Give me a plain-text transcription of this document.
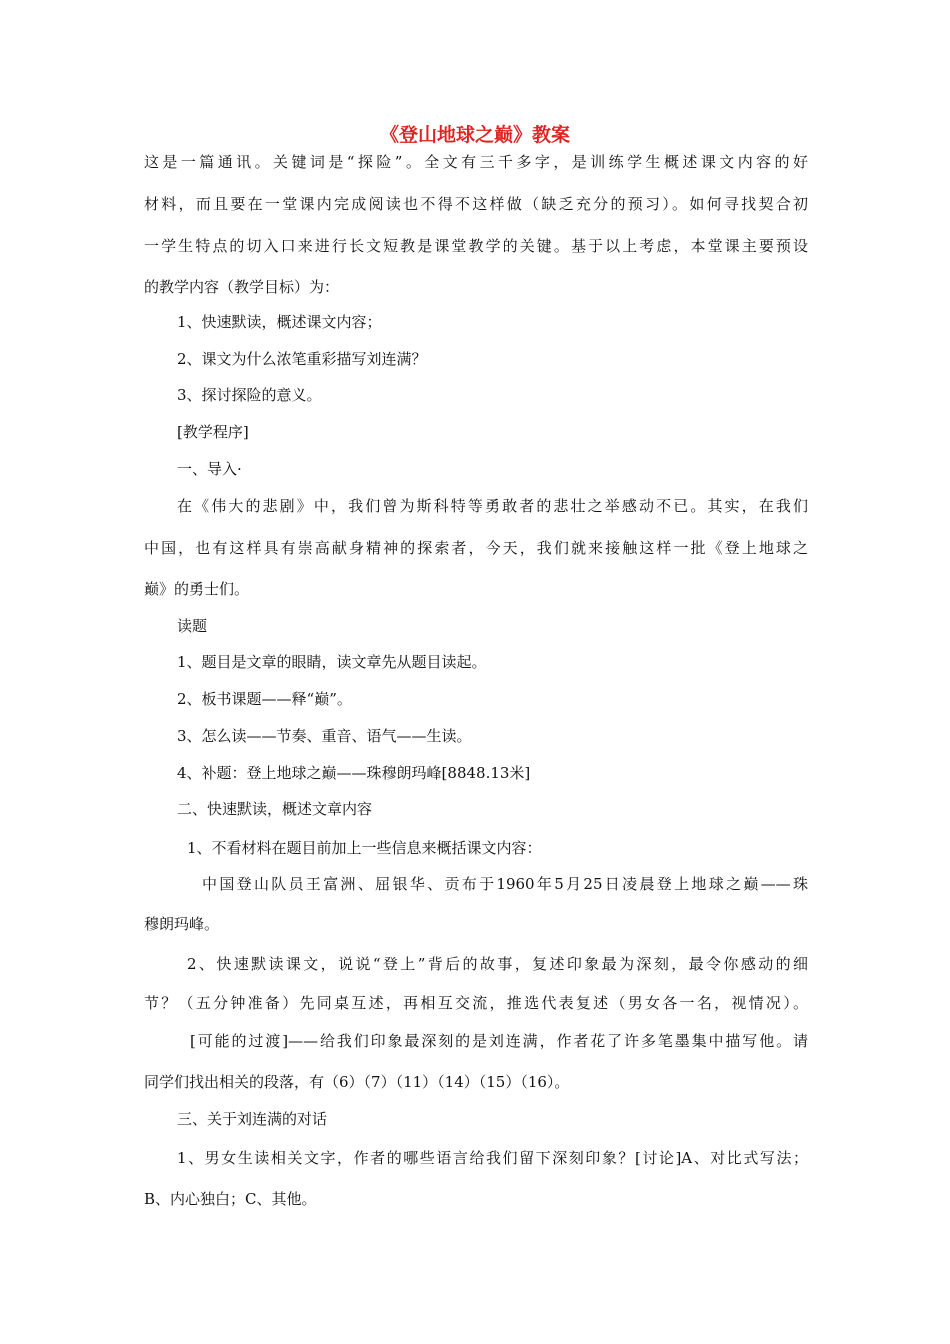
《登山地球之巅》教案
这是一篇通讯。关键词是“探险”。全文有三千多字，是训练学生概述课文内容的好
材料，而且要在一堂课内完成阅读也不得不这样做（缺乏充分的预习）。如何寻找契合初
一学生特点的切入口来进行长文短教是课堂教学的关键。基于以上考虑，本堂课主要预设
的教学内容（教学目标）为：
1、快速默读，概述课文内容；
2、课文为什么浓笔重彩描写刘连满？
3、探讨探险的意义。
[教学程序]
一、导入·
在《伟大的悲剧》中，我们曾为斯科特等勇敢者的悲壮之举感动不已。其实，在我们
中国，也有这样具有崇高献身精神的探索者，今天，我们就来接触这样一批《登上地球之
巅》的勇士们。
读题
1、题目是文章的眼睛，读文章先从题目读起。
2、板书课题——释“巅”。
3、怎么读——节奏、重音、语气——生读。
4、补题：登上地球之巅——珠穆朗玛峰[8848.13米]
二、快速默读，概述文章内容
1、不看材料在题目前加上一些信息来概括课文内容：
中国登山队员王富洲、屈银华、贡布于1960年5月25日凌晨登上地球之巅——珠
穆朗玛峰。
2、快速默读课文，说说“登上”背后的故事，复述印象最为深刻，最令你感动的细
节？（五分钟准备）先同桌互述，再相互交流，推选代表复述（男女各一名，视情况）。
[可能的过渡]——给我们印象最深刻的是刘连满，作者花了许多笔墨集中描写他。请
同学们找出相关的段落，有（6）（7）（11）（14）（15）（16）。
三、关于刘连满的对话
1、男女生读相关文字，作者的哪些语言给我们留下深刻印象？[讨论]A、对比式写法；
B、内心独白；C、其他。
